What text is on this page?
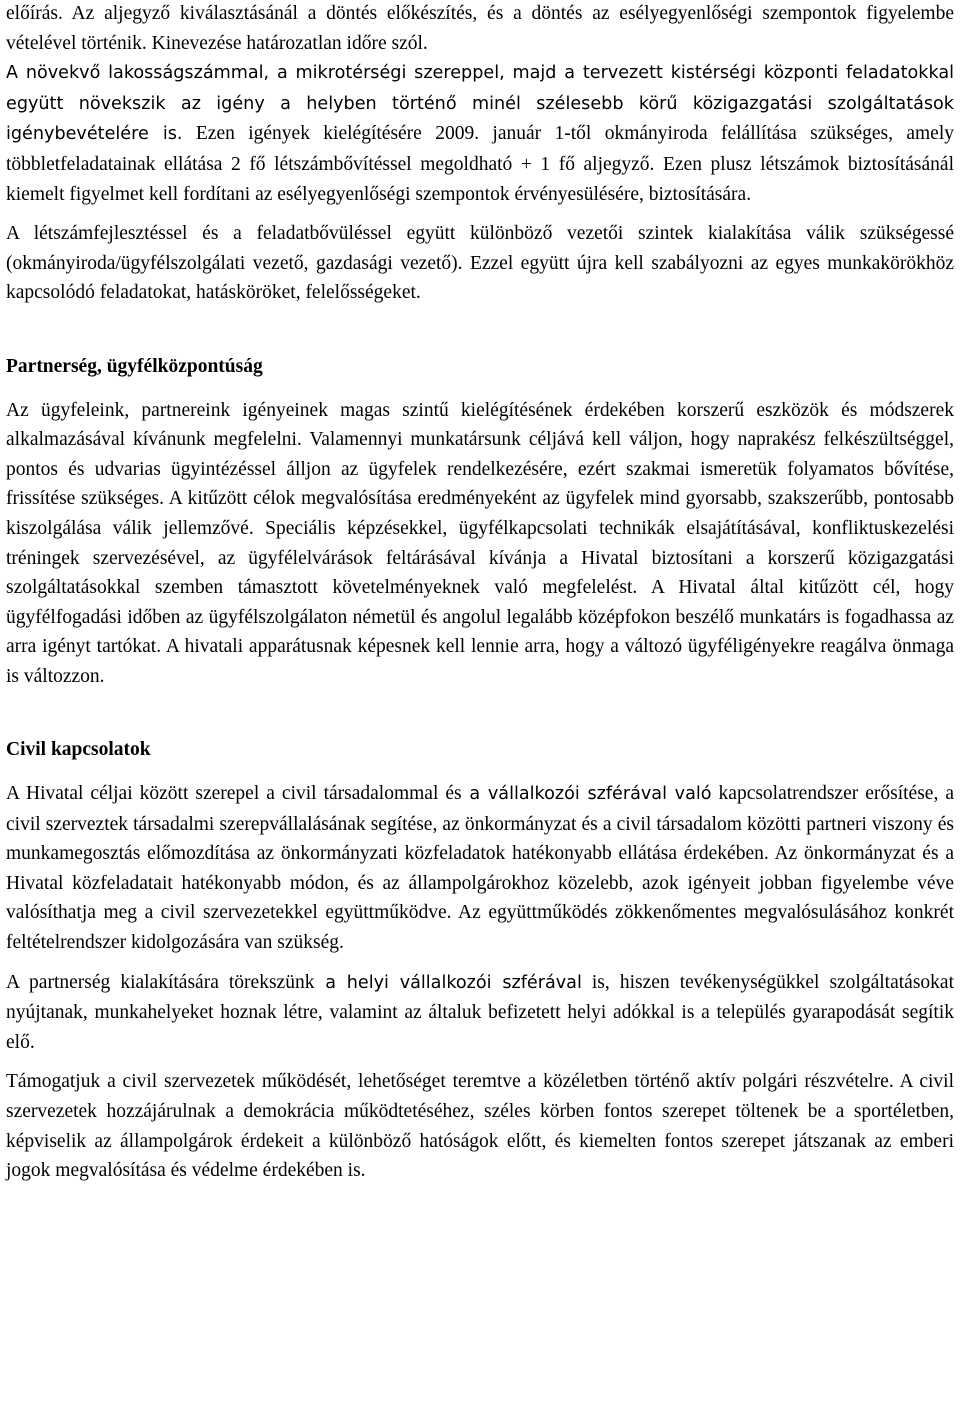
előírás. Az aljegyző kiválasztásánál a döntés előkészítés, és a döntés az esélyegyenlőségi szempontok figyelembe vételével történik. Kinevezése határozatlan időre szól.

A növekvő lakosságszámmal, a mikrotérségi szereppel, majd a tervezett kistérségi központi feladatokkal együtt növekszik az igény a helyben történő minél szélesebb körű közigazgatási szolgáltatások igénybevételére is. Ezen igények kielégítésére 2009. január 1-től okmányiroda felállítása szükséges, amely többletfeladatainak ellátása 2 fő létszámbővítéssel megoldható + 1 fő aljegyző. Ezen plusz létszámok biztosításánál kiemelt figyelmet kell fordítani az esélyegyenlőségi szempontok érvényesülésére, biztosítására.

A létszámfejlesztéssel és a feladatbővüléssel együtt különböző vezetői szintek kialakítása válik szükségessé (okmányiroda/ügyfélszolgálati vezető, gazdasági vezető). Ezzel együtt újra kell szabályozni az egyes munkakörökhöz kapcsolódó feladatokat, hatásköröket, felelősségeket.

Partnerség, ügyfélközpontúság

Az ügyfeleink, partnereink igényeinek magas szintű kielégítésének érdekében korszerű eszközök és módszerek alkalmazásával kívánunk megfelelni. Valamennyi munkatársunk céljává kell váljon, hogy naprakész felkészültséggel, pontos és udvarias ügyintézéssel álljon az ügyfelek rendelkezésére, ezért szakmai ismeretük folyamatos bővítése, frissítése szükséges. A kitűzött célok megvalósítása eredményeként az ügyfelek mind gyorsabb, szakszerűbb, pontosabb kiszolgálása válik jellemzővé. Speciális képzésekkel, ügyfélkapcsolati technikák elsajátításával, konfliktuskezelési tréningek szervezésével, az ügyfélelvárások feltárásával kívánja a Hivatal biztosítani a korszerű közigazgatási szolgáltatásokkal szemben támasztott követelményeknek való megfelelést. A Hivatal által kitűzött cél, hogy ügyfélfogadási időben az ügyfélszolgálaton németül és angolul legalább középfokon beszélő munkatárs is fogadhassa az arra igényt tartókat. A hivatali apparátusnak képesnek kell lennie arra, hogy a változó ügyféligényekre reagálva önmaga is változzon.

Civil kapcsolatok

A Hivatal céljai között szerepel a civil társadalommal és a vállalkozói szférával való kapcsolatrendszer erősítése, a civil szerveztek társadalmi szerepvállalásának segítése, az önkormányzat és a civil társadalom közötti partneri viszony és munkamegosztás előmozdítása az önkormányzati közfeladatok hatékonyabb ellátása érdekében. Az önkormányzat és a Hivatal közfeladatait hatékonyabb módon, és az állampolgárokhoz közelebb, azok igényeit jobban figyelembe véve valósíthatja meg a civil szervezetekkel együttműködve. Az együttműködés zökkenőmentes megvalósulásához konkrét feltételrendszer kidolgozására van szükség.

A partnerség kialakítására törekszünk a helyi vállalkozói szférával is, hiszen tevékenységükkel szolgáltatásokat nyújtanak, munkahelyeket hoznak létre, valamint az általuk befizetett helyi adókkal is a település gyarapodását segítik elő.

Támogatjuk a civil szervezetek működését, lehetőséget teremtve a közéletben történő aktív polgári részvételre. A civil szervezetek hozzájárulnak a demokrácia működtetéséhez, széles körben fontos szerepet töltenek be a sportéletben, képviselik az állampolgárok érdekeit a különböző hatóságok előtt, és kiemelten fontos szerepet játszanak az emberi jogok megvalósítása és védelme érdekében is.
